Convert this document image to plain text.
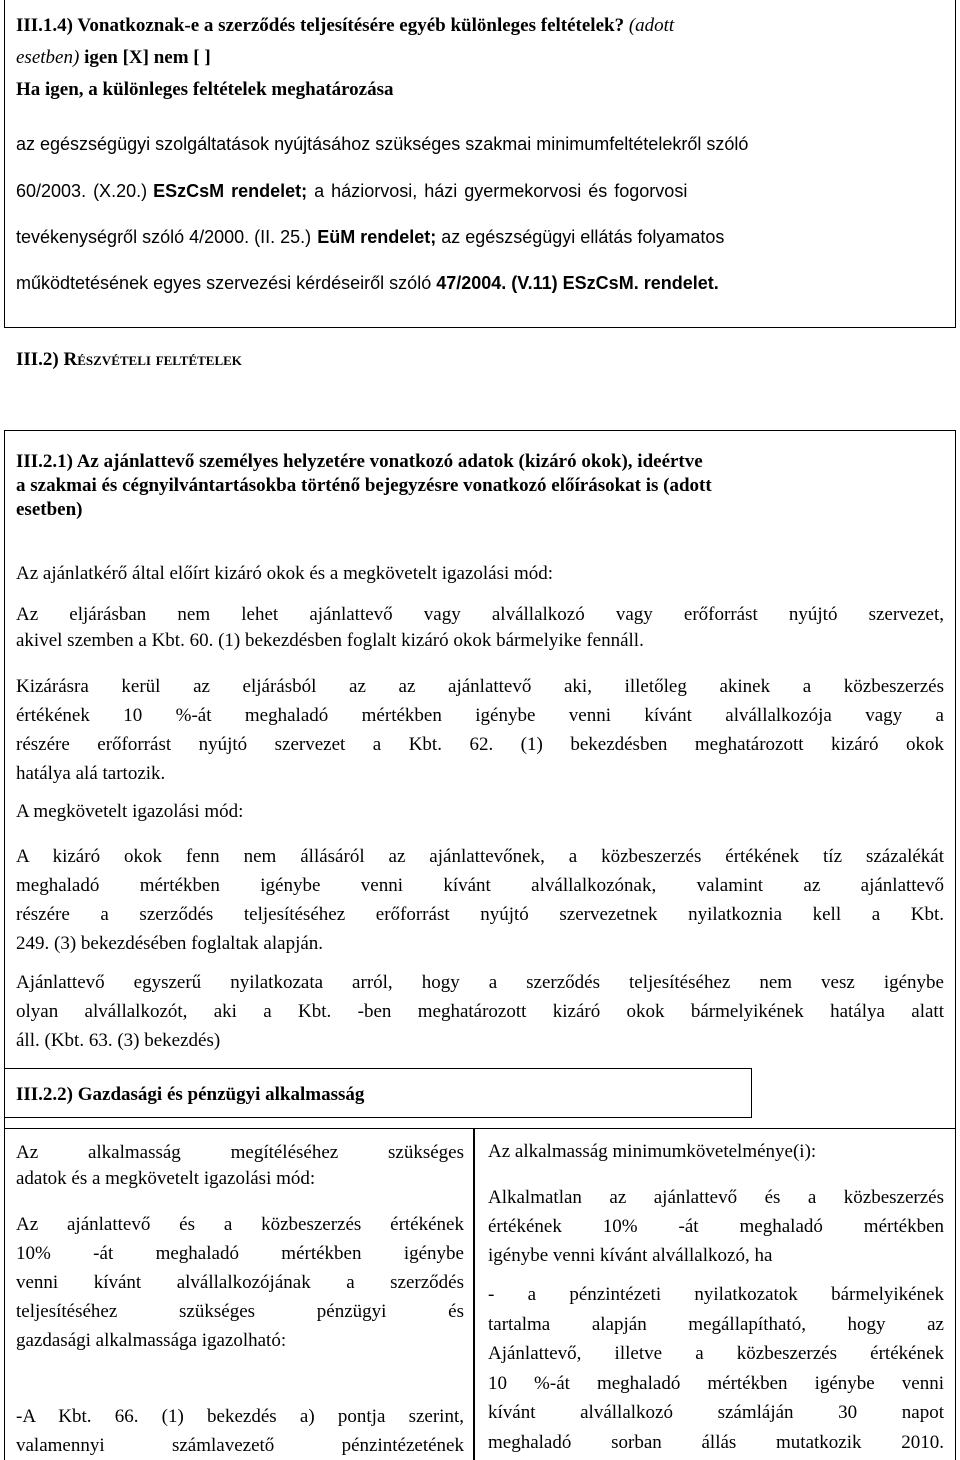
III.1.4) Vonatkoznak-e a szerződés teljesítésére egyéb különleges feltételek? (adott
esetben) igen [X] nem [ ]
Ha igen, a különleges feltételek meghatározása
az egészségügyi szolgáltatások nyújtásához szükséges szakmai minimumfeltételekről szóló
60/2003. (X.20.) ESzCsM rendelet; a háziorvosi, házi gyermekorvosi és fogorvosi
tevékenységről szóló 4/2000. (II. 25.) EüM rendelet; az egészségügyi ellátás folyamatos
működtetésének egyes szervezési kérdéseiről szóló 47/2004. (V.11) ESzCsM. rendelet.
III.2) Részvételi feltételek
III.2.1) Az ajánlattevő személyes helyzetére vonatkozó adatok (kizáró okok), ideértve
a szakmai és cégnyilvántartásokba történő bejegyzésre vonatkozó előírásokat is (adott
esetben)
Az ajánlatkérő által előírt kizáró okok és a megkövetelt igazolási mód:
Az eljárásban nem lehet ajánlattevő vagy alvállalkozó vagy erőforrást nyújtó szervezet,
akivel szemben a Kbt. 60. (1) bekezdésben foglalt kizáró okok bármelyike fennáll.
Kizárásra kerül az eljárásból az az ajánlattevő aki, illetőleg akinek a közbeszerzés
értékének 10 %-át meghaladó mértékben igénybe venni kívánt alvállalkozója vagy a
részére erőforrást nyújtó szervezet a Kbt. 62. (1) bekezdésben meghatározott kizáró okok
hatálya alá tartozik.
A megkövetelt igazolási mód:
A kizáró okok fenn nem állásáról az ajánlattevőnek, a közbeszerzés értékének tíz százalékát
meghaladó mértékben igénybe venni kívánt alvállalkozónak, valamint az ajánlattevő
részére a szerződés teljesítéséhez erőforrást nyújtó szervezetnek nyilatkoznia kell a Kbt.
249. (3) bekezdésében foglaltak alapján.
Ajánlattevő egyszerű nyilatkozata arról, hogy a szerződés teljesítéséhez nem vesz igénybe
olyan alvállalkozót, aki a Kbt. -ben meghatározott kizáró okok bármelyikének hatálya alatt
áll. (Kbt. 63. (3) bekezdés)
III.2.2) Gazdasági és pénzügyi alkalmasság
Az alkalmasság megítéléséhez szükséges
adatok és a megkövetelt igazolási mód:
Az ajánlattevő és a közbeszerzés értékének
10% -át meghaladó mértékben igénybe
venni kívánt alvállalkozójának a szerződés
teljesítéséhez szükséges pénzügyi és
gazdasági alkalmassága igazolható:
-A Kbt. 66. (1) bekezdés a) pontja szerint,
valamennyi számlavezető pénzintézetének
Az alkalmasság minimumkövetelménye(i):
Alkalmatlan az ajánlattevő és a közbeszerzés
értékének 10% -át meghaladó mértékben
igénybe venni kívánt alvállalkozó, ha
- a pénzintézeti nyilatkozatok bármelyikének
tartalma alapján megállapítható, hogy az
Ajánlattevő, illetve a közbeszerzés értékének
10 %-át meghaladó mértékben igénybe venni
kívánt alvállalkozó számláján 30 napot
meghaladó sorban állás mutatkozik 2010.
